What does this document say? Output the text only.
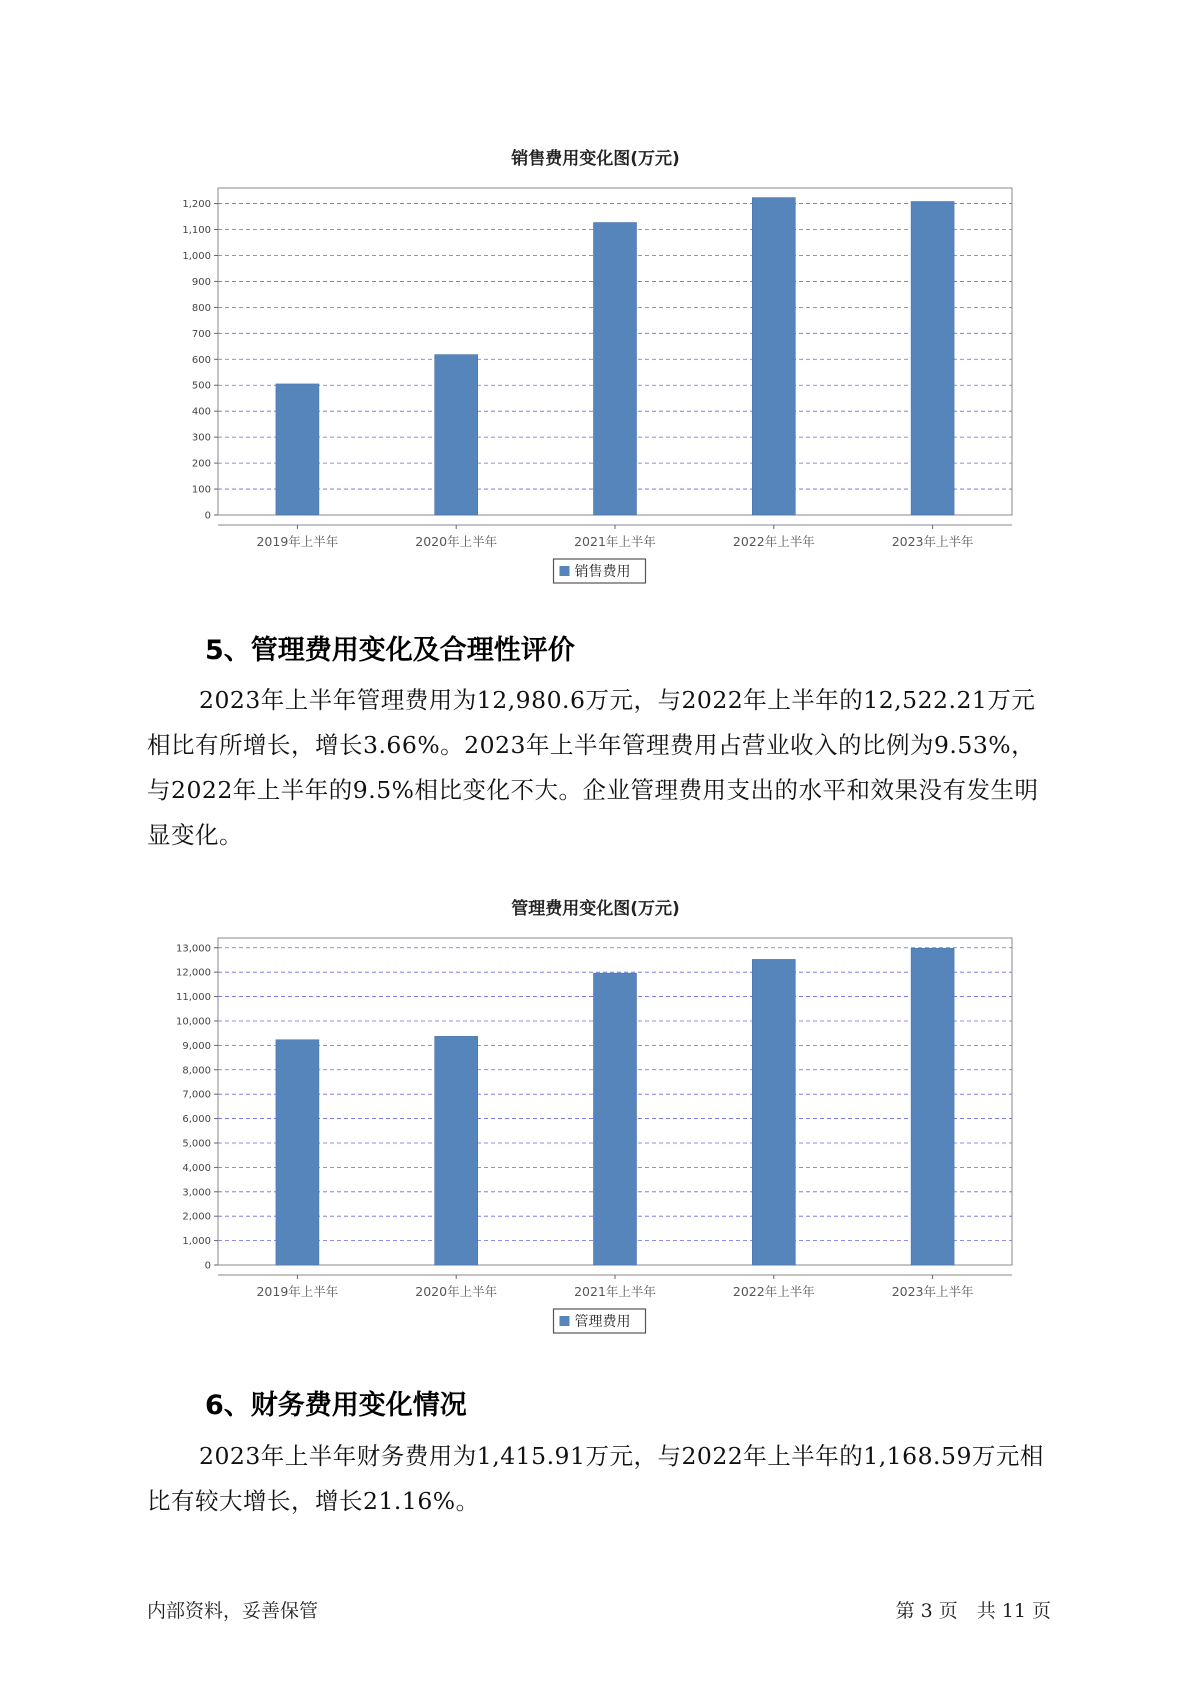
销售费用变化图(万元)
0
100
200
300
400
500
600
700
800
900
1,000
1,100
1,200
2019年上半年	2020年上半年	2021年上半年	2022年上半年	2023年上半年
销售费用
5、管理费用变化及合理性评价

2023年上半年管理费用为12,980.6万元，与2022年上半年的12,522.21万元相比有所增长，增长3.66%。2023年上半年管理费用占营业收入的比例为9.53%，与2022年上半年的9.5%相比变化不大。企业管理费用支出的水平和效果没有发生明显变化。

管理费用变化图(万元)
0
1,000
2,000
3,000
4,000
5,000
6,000
7,000
8,000
9,000
10,000
11,000
12,000
13,000
2019年上半年	2020年上半年	2021年上半年	2022年上半年	2023年上半年
管理费用
6、财务费用变化情况

2023年上半年财务费用为1,415.91万元，与2022年上半年的1,168.59万元相比有较大增长，增长21.16%。

内部资料，妥善保管	第 3 页　共 11 页
